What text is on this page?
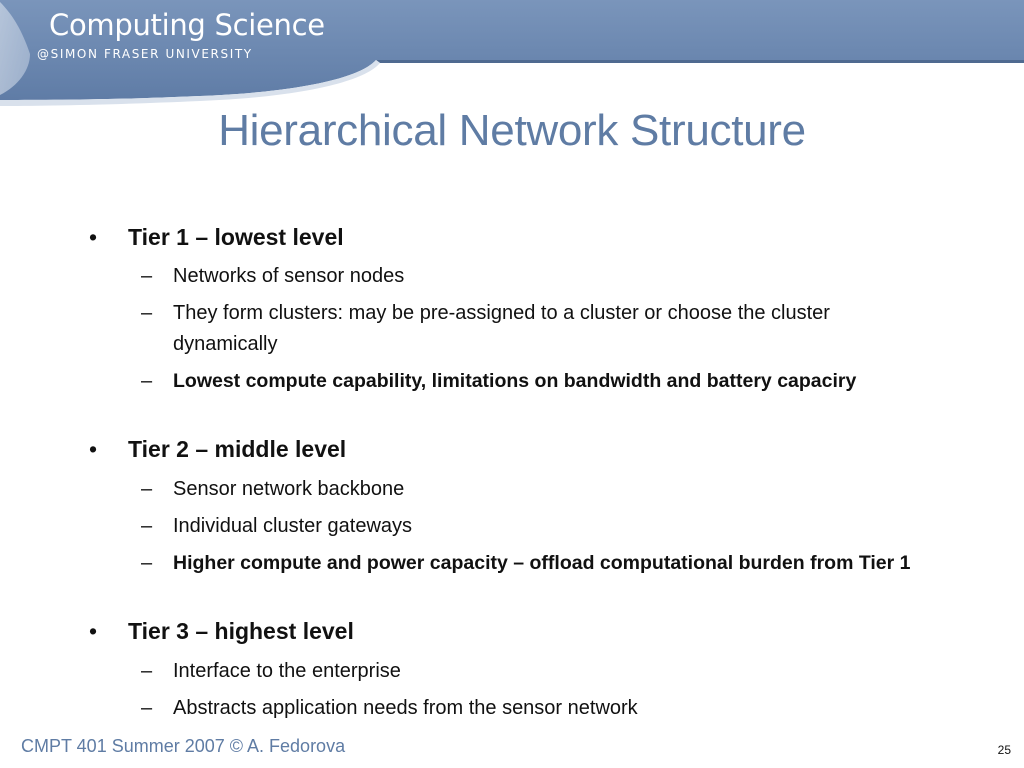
Computing Science
@SIMON FRASER UNIVERSITY
Hierarchical Network Structure
• Tier 1 – lowest level
–	Networks of sensor nodes
–	They form clusters: may be pre-assigned to a cluster or choose the cluster dynamically
–	Lowest compute capability, limitations on bandwidth and battery capaciry
• Tier 2 – middle level
–	Sensor network backbone
–	Individual cluster gateways
–	Higher compute and power capacity – offload computational burden from Tier 1
• Tier 3 – highest level
–	Interface to the enterprise
–	Abstracts application needs from the sensor network
CMPT 401 Summer 2007 © A. Fedorova	25
